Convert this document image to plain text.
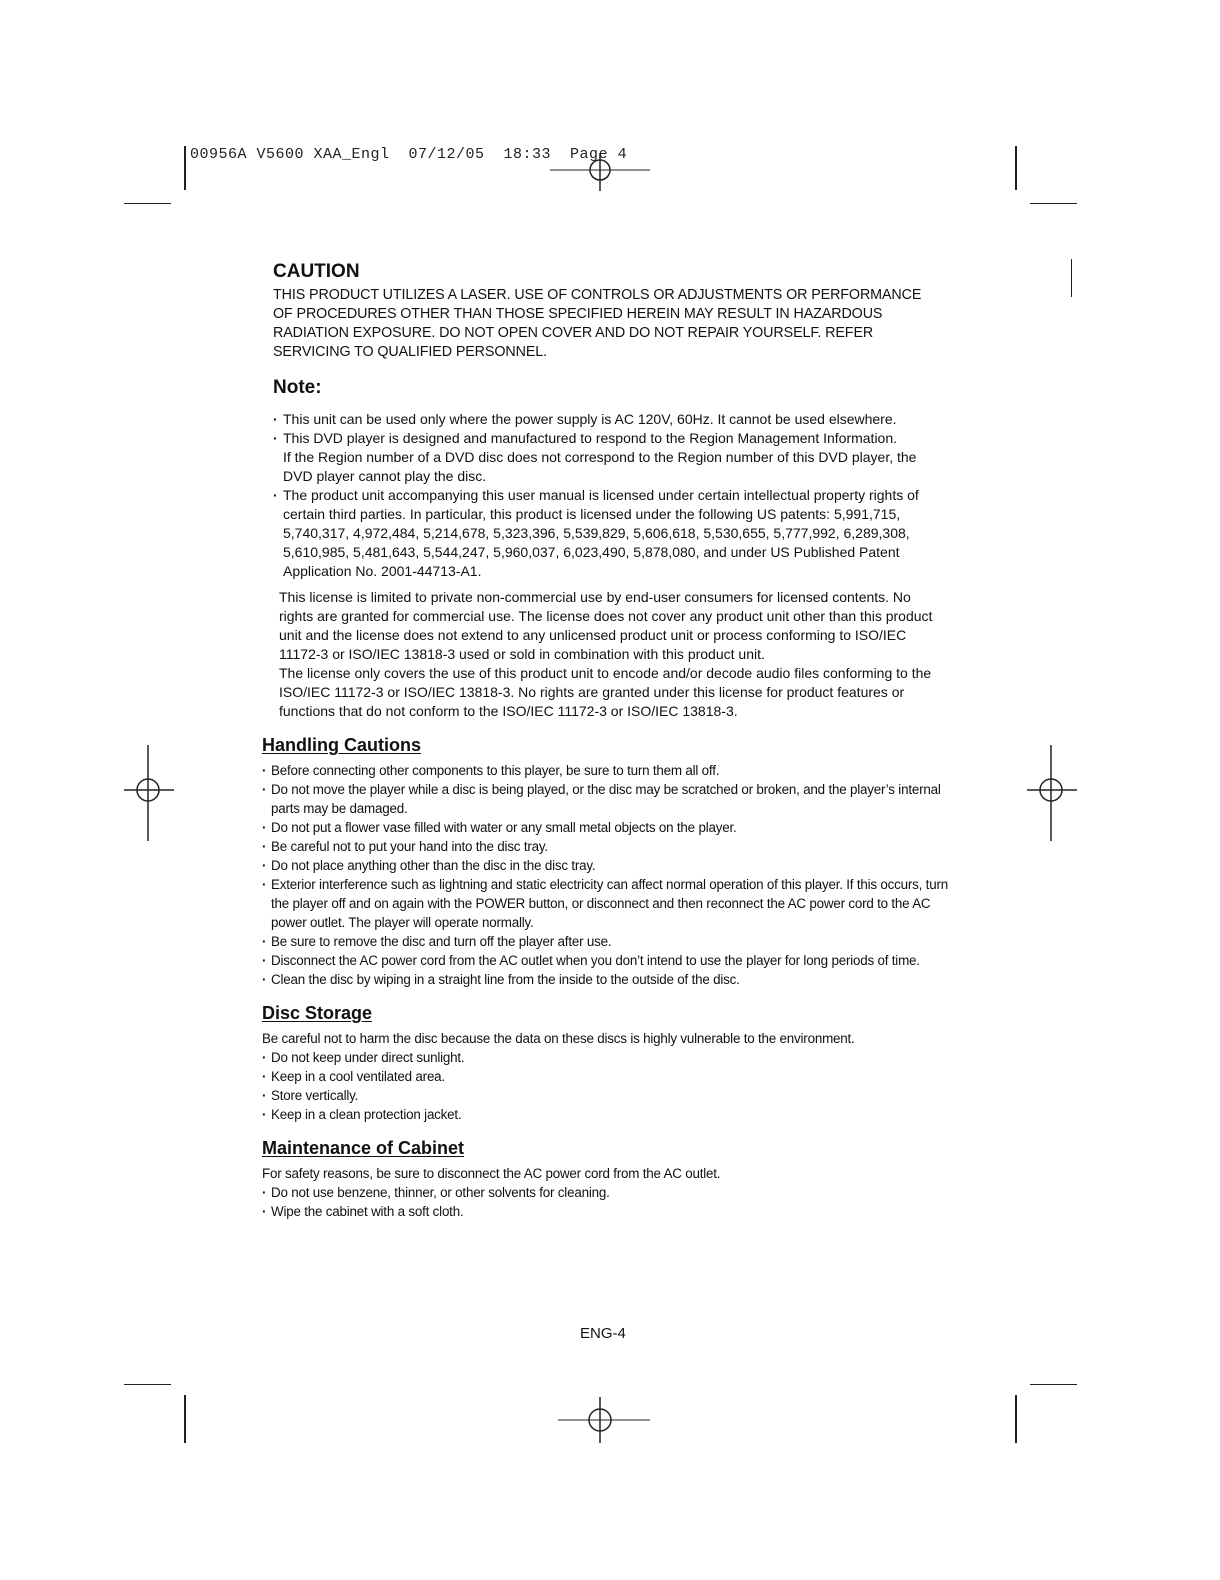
00956A V5600 XAA_Engl  07/12/05  18:33  Page 4
CAUTION

THIS PRODUCT UTILIZES A LASER. USE OF CONTROLS OR ADJUSTMENTS OR PERFORMANCE OF PROCEDURES OTHER THAN THOSE SPECIFIED HEREIN MAY RESULT IN HAZARDOUS RADIATION EXPOSURE. DO NOT OPEN COVER AND DO NOT REPAIR YOURSELF. REFER SERVICING TO QUALIFIED PERSONNEL.

Note:
· This unit can be used only where the power supply is AC 120V, 60Hz. It cannot be used elsewhere.
· This DVD player is designed and manufactured to respond to the Region Management Information.
If the Region number of a DVD disc does not correspond to the Region number of this DVD player, the DVD player cannot play the disc.
· The product unit accompanying this user manual is licensed under certain intellectual property rights of certain third parties. In particular, this product is licensed under the following US patents: 5,991,715, 5,740,317, 4,972,484, 5,214,678, 5,323,396, 5,539,829, 5,606,618, 5,530,655, 5,777,992, 6,289,308, 5,610,985, 5,481,643, 5,544,247, 5,960,037, 6,023,490, 5,878,080, and under US Published Patent Application No. 2001-44713-A1.

This license is limited to private non-commercial use by end-user consumers for licensed contents. No rights are granted for commercial use. The license does not cover any product unit other than this product unit and the license does not extend to any unlicensed product unit or process conforming to ISO/IEC 11172-3 or ISO/IEC 13818-3 used or sold in combination with this product unit.

The license only covers the use of this product unit to encode and/or decode audio files conforming to the ISO/IEC 11172-3 or ISO/IEC 13818-3. No rights are granted under this license for product features or functions that do not conform to the ISO/IEC 11172-3 or ISO/IEC 13818-3.

Handling Cautions
· Before connecting other components to this player, be sure to turn them all off.
· Do not move the player while a disc is being played, or the disc may be scratched or broken, and the player’s internal parts may be damaged.
· Do not put a flower vase filled with water or any small metal objects on the player.
· Be careful not to put your hand into the disc tray.
· Do not place anything other than the disc in the disc tray.
· Exterior interference such as lightning and static electricity can affect normal operation of this player. If this occurs, turn the player off and on again with the POWER button, or disconnect and then reconnect the AC power cord to the AC power outlet. The player will operate normally.
· Be sure to remove the disc and turn off the player after use.
· Disconnect the AC power cord from the AC outlet when you don’t intend to use the player for long periods of time.
· Clean the disc by wiping in a straight line from the inside to the outside of the disc.
Disc Storage

Be careful not to harm the disc because the data on these discs is highly vulnerable to the environment.

· Do not keep under direct sunlight.
· Keep in a cool ventilated area.
· Store vertically.
· Keep in a clean protection jacket.
Maintenance of Cabinet

For safety reasons, be sure to disconnect the AC power cord from the AC outlet.

· Do not use benzene, thinner, or other solvents for cleaning.
· Wipe the cabinet with a soft cloth.
ENG-4
